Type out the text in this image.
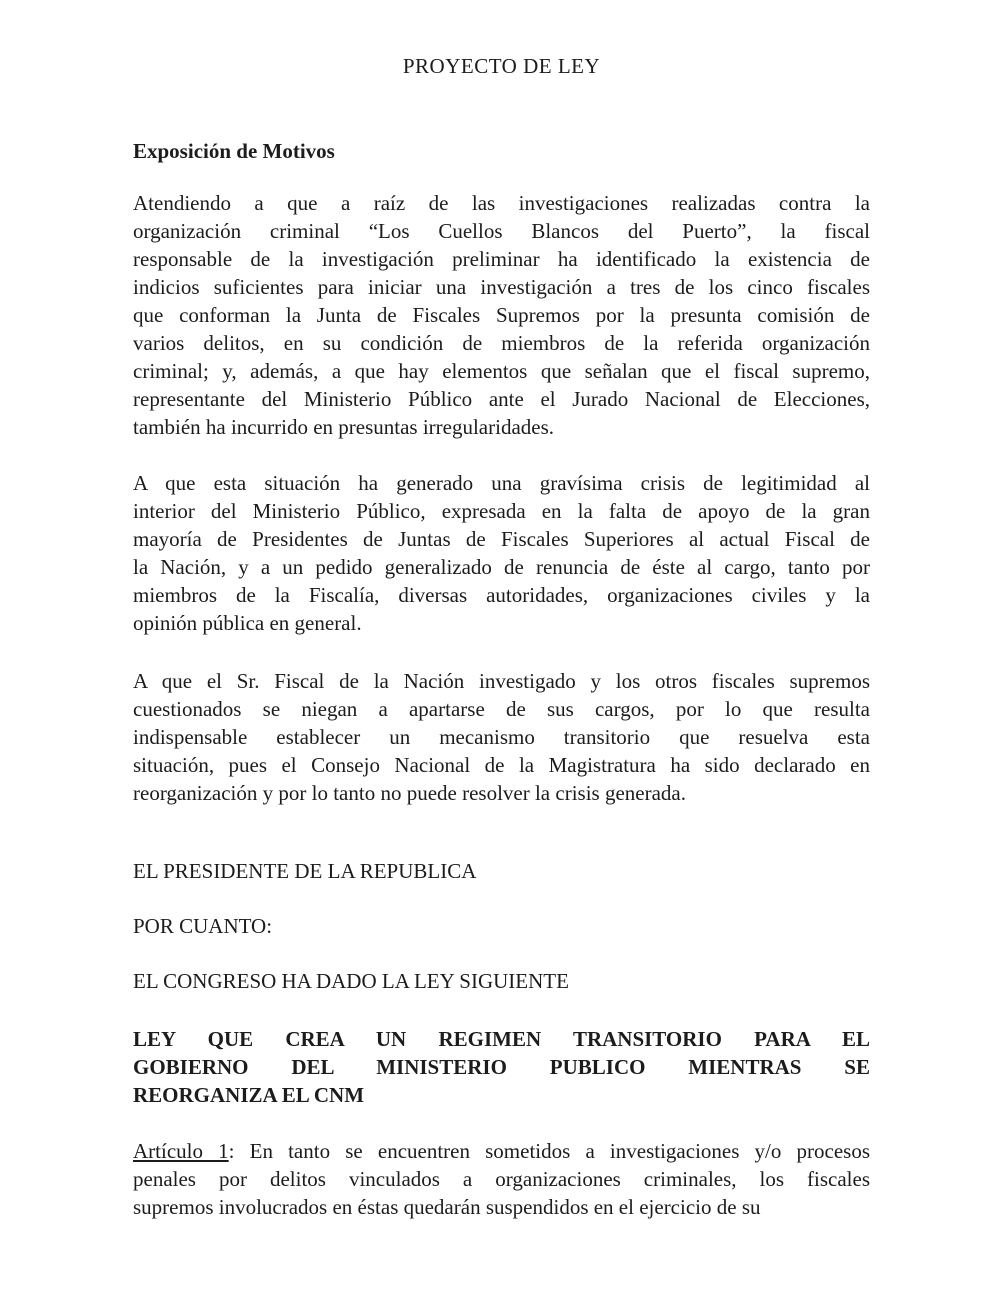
PROYECTO DE LEY
Exposición de Motivos
Atendiendo a que a raíz de las investigaciones realizadas contra la
organización criminal “Los Cuellos Blancos del Puerto”, la fiscal
responsable de la investigación preliminar ha identificado la existencia de
indicios suficientes para iniciar una investigación a tres de los cinco fiscales
que conforman la Junta de Fiscales Supremos por la presunta comisión de
varios delitos, en su condición de miembros de la referida organización
criminal; y, además, a que hay elementos que señalan que el fiscal supremo,
representante del Ministerio Público ante el Jurado Nacional de Elecciones,
también ha incurrido en presuntas irregularidades.
A que esta situación ha generado una gravísima crisis de legitimidad al
interior del Ministerio Público, expresada en la falta de apoyo de la gran
mayoría de Presidentes de Juntas de Fiscales Superiores al actual Fiscal de
la Nación, y a un pedido generalizado de renuncia de éste al cargo, tanto por
miembros de la Fiscalía, diversas autoridades, organizaciones civiles y la
opinión pública en general.
A que el Sr. Fiscal de la Nación investigado y los otros fiscales supremos
cuestionados se niegan a apartarse de sus cargos, por lo que resulta
indispensable establecer un mecanismo transitorio que resuelva esta
situación, pues el Consejo Nacional de la Magistratura ha sido declarado en
reorganización y por lo tanto no puede resolver la crisis generada.
EL PRESIDENTE DE LA REPUBLICA
POR CUANTO:
EL CONGRESO HA DADO LA LEY SIGUIENTE
LEY QUE CREA UN REGIMEN TRANSITORIO PARA EL
GOBIERNO DEL MINISTERIO PUBLICO MIENTRAS SE
REORGANIZA EL CNM
Artículo 1: En tanto se encuentren sometidos a investigaciones y/o procesos
penales por delitos vinculados a organizaciones criminales, los fiscales
supremos involucrados en éstas quedarán suspendidos en el ejercicio de su
